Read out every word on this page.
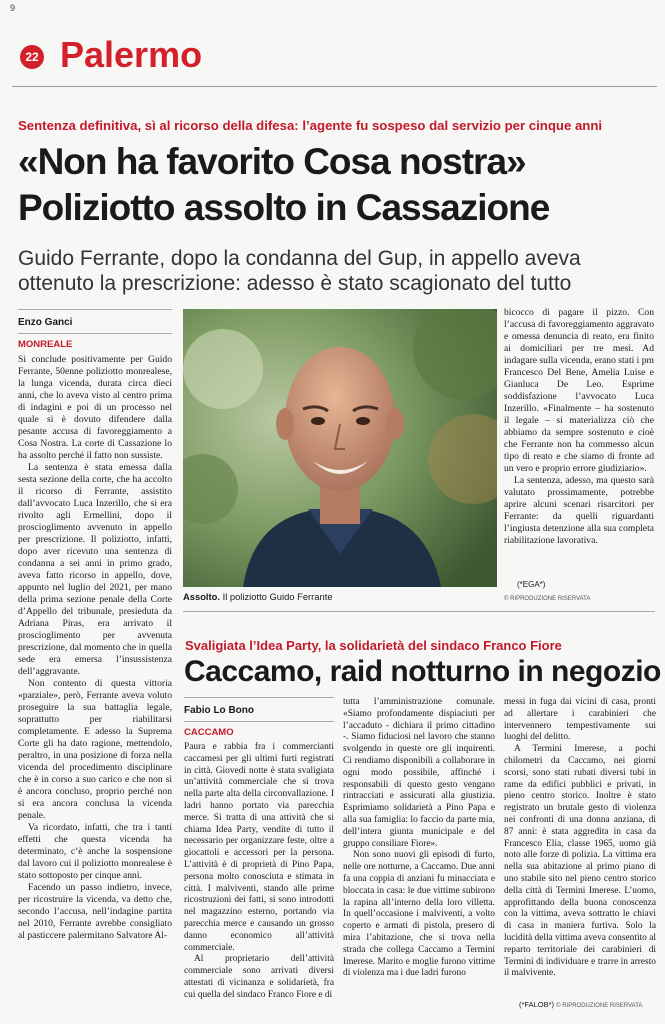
9
22 Palermo
Sentenza definitiva, sì al ricorso della difesa: l’agente fu sospeso dal servizio per cinque anni
«Non ha favorito Cosa nostra»
Poliziotto assolto in Cassazione
Guido Ferrante, dopo la condanna del Gup, in appello aveva
ottenuto la prescrizione: adesso è stato scagionato del tutto
Enzo Ganci
MONREALE

Si conclude positivamente per Guido Ferrante, 50enne poliziotto monrealese, la lunga vicenda, durata circa dieci anni, che lo aveva visto al centro prima di indagini e poi di un processo nel quale si è dovuto difendere dalla pesante accusa di favoreggiamento a Cosa Nostra. La corte di Cassazione lo ha assolto perché il fatto non sussiste.

La sentenza è stata emessa dalla sesta sezione della corte, che ha accolto il ricorso di Ferrante, assistito dall’avvocato Luca Inzerillo, che si era rivolto agli Ermellini, dopo il proscioglimento avvenuto in appello per prescrizione. Il poliziotto, infatti, dopo aver ricevuto una sentenza di condanna a sei anni in primo grado, aveva fatto ricorso in appello, dove, appunto nel luglio del 2021, per mano della prima sezione penale della Corte d’Appello del tribunale, presieduta da Adriana Piras, era arrivato il proscioglimento per avvenuta prescrizione, dal momento che in quella sede era emersa l’insussistenza dell’aggravante.

Non contento di questa vittoria «parziale», però, Ferrante aveva voluto proseguire la sua battaglia legale, soprattutto per riabilitarsi completamente. E adesso la Suprema Corte gli ha dato ragione, mettendolo, peraltro, in una posizione di forza nella vicenda del procedimento disciplinare che è in corso a suo carico e che non si è ancora concluso, proprio perché non si era ancora conclusa la vicenda penale.

Va ricordato, infatti, che tra i tanti effetti che questa vicenda ha determinato, c’è anche la sospensione dal lavoro cui il poliziotto monrealese è stato sottoposto per cinque anni.

Facendo un passo indietro, invece, per ricostruire la vicenda, va detto che, secondo l’accusa, nell’indagine partita nel 2010, Ferrante avrebbe consigliato al pasticcere palermitano Salvatore Al-

Assolto. Il poliziotto Guido Ferrante

bicocco di pagare il pizzo. Con l’accusa di favoreggiamento aggravato e omessa denuncia di reato, era finito ai domiciliari per tre mesi. Ad indagare sulla vicenda, erano stati i pm Francesco Del Bene, Amelia Luise e Gianluca De Leo. Esprime soddisfazione l’avvocato Luca Inzerillo. «Finalmente – ha sostenuto il legale – si materializza ciò che abbiamo da sempre sostenuto e cioè che Ferrante non ha commesso alcun tipo di reato e che siamo di fronte ad un vero e proprio errore giudiziario».

La sentenza, adesso, ma questo sarà valutato prossimamente, potrebbe aprire alcuni scenari risarcitori per Ferrante: da quelli riguardanti l’ingiusta detenzione alla sua completa riabilitazione lavorativa.

(*EGA*)
© RIPRODUZIONE RISERVATA
Svaligiata l’Idea Party, la solidarietà del sindaco Franco Fiore
Caccamo, raid notturno in negozio
Fabio Lo Bono
CACCAMO

Paura e rabbia fra i commercianti caccamesi per gli ultimi furti registrati in città. Giovedì notte è stata svaligiata un’attività commerciale che si trova nella parte alta della circonvallazione. I ladri hanno portato via parecchia merce. Si tratta di una attività che si chiama Idea Party, vendite di tutto il necessario per organizzare feste, oltre a giocattoli e accessori per la persona. L’attività è di proprietà di Pino Papa, persona molto conosciuta e stimata in città. I malviventi, stando alle prime ricostruzioni dei fatti, si sono introdotti nel magazzino esterno, portando via parecchia merce e causando un grosso danno economico all’attività commerciale.

Al proprietario dell’attività commerciale sono arrivati diversi attestati di vicinanza e solidarietà, fra cui quella del sindaco Franco Fiore e di

tutta l’amministrazione comunale. «Siamo profondamente dispiaciuti per l’accaduto - dichiara il primo cittadino -. Siamo fiduciosi nel lavoro che stanno svolgendo in queste ore gli inquirenti. Ci rendiamo disponibili a collaborare in ogni modo possibile, affinché i responsabili di questo gesto vengano rintracciati e assicurati alla giustizia. Esprimiamo solidarietà a Pino Papa e alla sua famiglia: lo faccio da parte mia, dell’intera giunta municipale e del gruppo consiliare Fiore».

Non sono nuovi gli episodi di furto, nelle ore notturne, a Caccamo. Due anni fa una coppia di anziani fu minacciata e bloccata in casa: le due vittime subirono la rapina all’interno della loro villetta. In quell’occasione i malviventi, a volto coperto e armati di pistola, presero di mira l’abitazione, che si trova nella strada che collega Caccamo a Termini Imerese. Marito e moglie furono vittime di violenza ma i due ladri furono

messi in fuga dai vicini di casa, pronti ad allertare i carabinieri che intervennero tempestivamente sui luoghi del delitto.

A Termini Imerese, a pochi chilometri da Caccamo, nei giorni scorsi, sono stati rubati diversi tubi in rame da edifici pubblici e privati, in pieno centro storico. Inoltre è stato registrato un brutale gesto di violenza nei confronti di una donna anziana, di 87 anni: è stata aggredita in casa da Francesco Elia, classe 1965, uomo già noto alle forze di polizia. La vittima era nella sua abitazione al primo piano di uno stabile sito nel pieno centro storico della città di Termini Imerese. L’uomo, approfittando della buona conoscenza con la vittima, aveva sottratto le chiavi di casa in maniera furtiva. Solo la lucidità della vittima aveva consentito al reparto territoriale dei carabinieri di Termini di individuare e trarre in arresto il malvivente.

(*FALOB*) © RIPRODUZIONE RISERVATA
